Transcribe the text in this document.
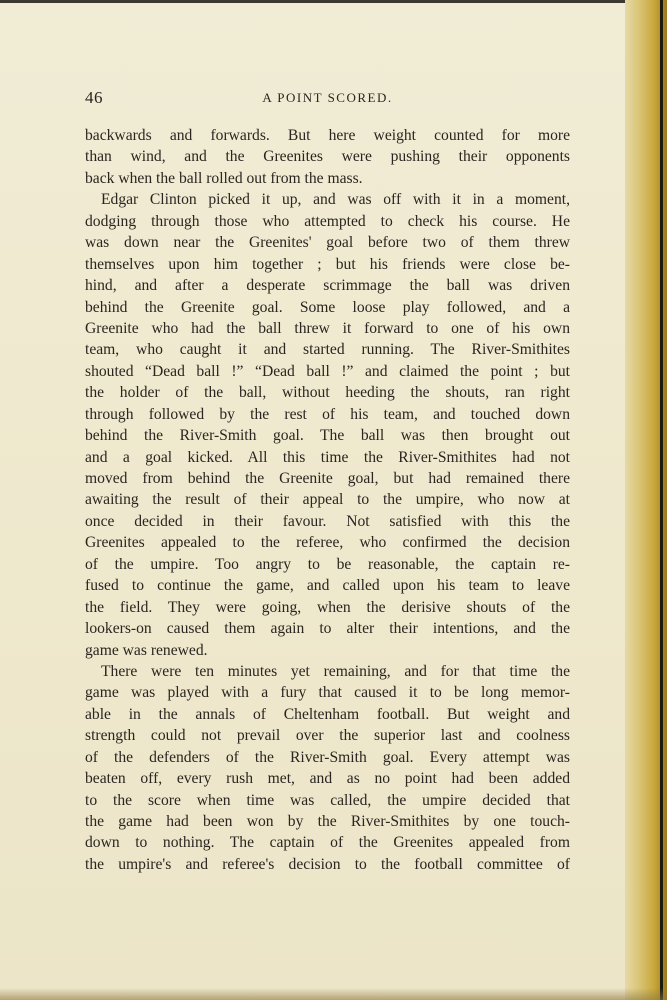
46	A POINT SCORED.
backwards and forwards. But here weight counted for more
than wind, and the Greenites were pushing their opponents
back when the ball rolled out from the mass.
Edgar Clinton picked it up, and was off with it in a moment,
dodging through those who attempted to check his course. He
was down near the Greenites' goal before two of them threw
themselves upon him together ; but his friends were close be-
hind, and after a desperate scrimmage the ball was driven
behind the Greenite goal. Some loose play followed, and a
Greenite who had the ball threw it forward to one of his own
team, who caught it and started running. The River-Smithites
shouted “Dead ball !” “Dead ball !” and claimed the point ; but
the holder of the ball, without heeding the shouts, ran right
through followed by the rest of his team, and touched down
behind the River-Smith goal. The ball was then brought out
and a goal kicked. All this time the River-Smithites had not
moved from behind the Greenite goal, but had remained there
awaiting the result of their appeal to the umpire, who now at
once decided in their favour. Not satisfied with this the
Greenites appealed to the referee, who confirmed the decision
of the umpire. Too angry to be reasonable, the captain re-
fused to continue the game, and called upon his team to leave
the field. They were going, when the derisive shouts of the
lookers-on caused them again to alter their intentions, and the
game was renewed.
There were ten minutes yet remaining, and for that time the
game was played with a fury that caused it to be long memor-
able in the annals of Cheltenham football. But weight and
strength could not prevail over the superior last and coolness
of the defenders of the River-Smith goal. Every attempt was
beaten off, every rush met, and as no point had been added
to the score when time was called, the umpire decided that
the game had been won by the River-Smithites by one touch-
down to nothing. The captain of the Greenites appealed from
the umpire's and referee's decision to the football committee of
